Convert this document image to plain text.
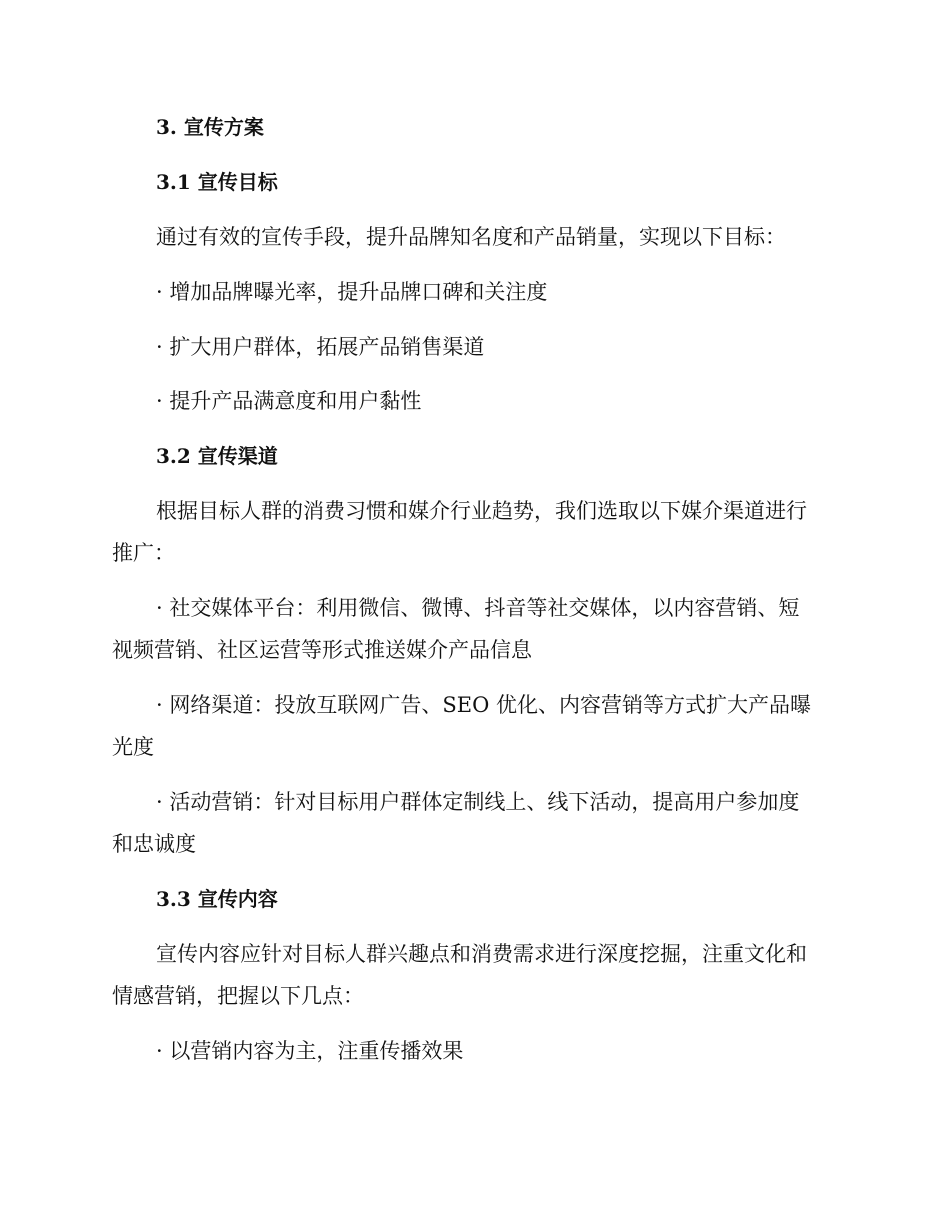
3. 宣传方案

3.1 宣传目标

通过有效的宣传手段，提升品牌知名度和产品销量，实现以下目标：

· 增加品牌曝光率，提升品牌口碑和关注度

· 扩大用户群体，拓展产品销售渠道

· 提升产品满意度和用户黏性

3.2 宣传渠道

根据目标人群的消费习惯和媒介行业趋势，我们选取以下媒介渠道进行

推广：

· 社交媒体平台：利用微信、微博、抖音等社交媒体，以内容营销、短

视频营销、社区运营等形式推送媒介产品信息

· 网络渠道：投放互联网广告、SEO 优化、内容营销等方式扩大产品曝

光度

· 活动营销：针对目标用户群体定制线上、线下活动，提高用户参加度

和忠诚度

3.3 宣传内容

宣传内容应针对目标人群兴趣点和消费需求进行深度挖掘，注重文化和

情感营销，把握以下几点：

· 以营销内容为主，注重传播效果
